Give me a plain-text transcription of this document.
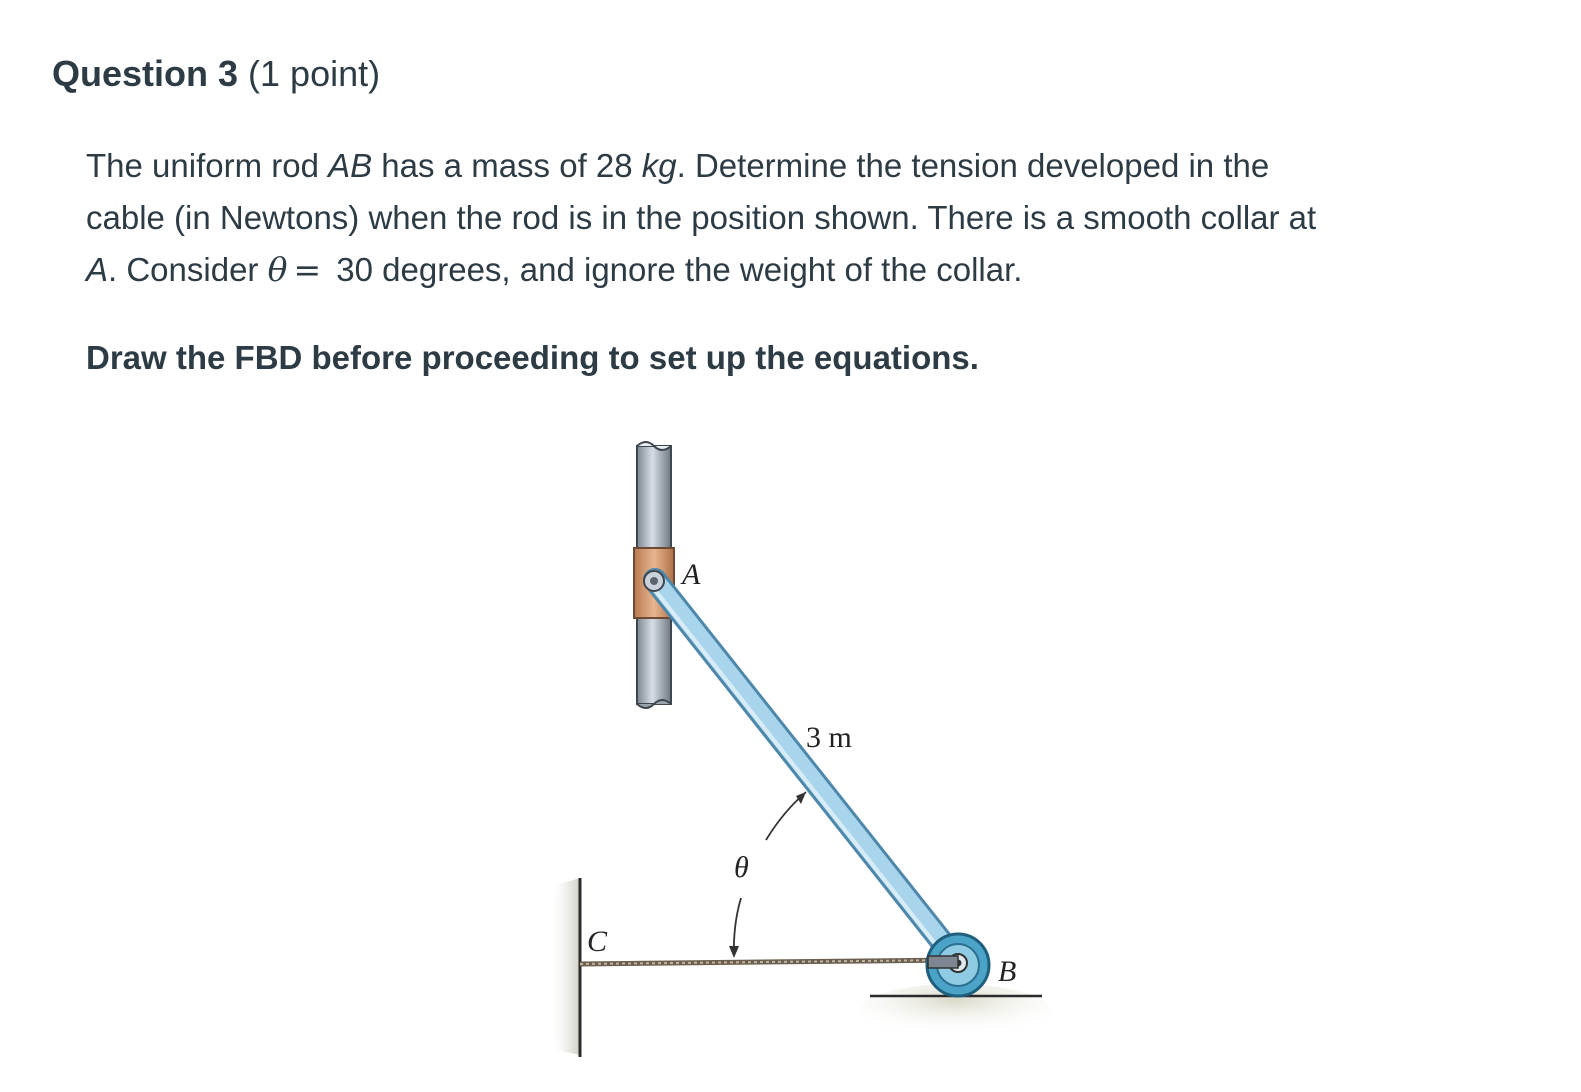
Question 3 (1 point)
The uniform rod AB has a mass of 28 kg. Determine the tension developed in the
cable (in Newtons) when the rod is in the position shown. There is a smooth collar at
A. Consider θ = 30 degrees, and ignore the weight of the collar.
Draw the FBD before proceeding to set up the equations.
A
B
C
3 m
θ
